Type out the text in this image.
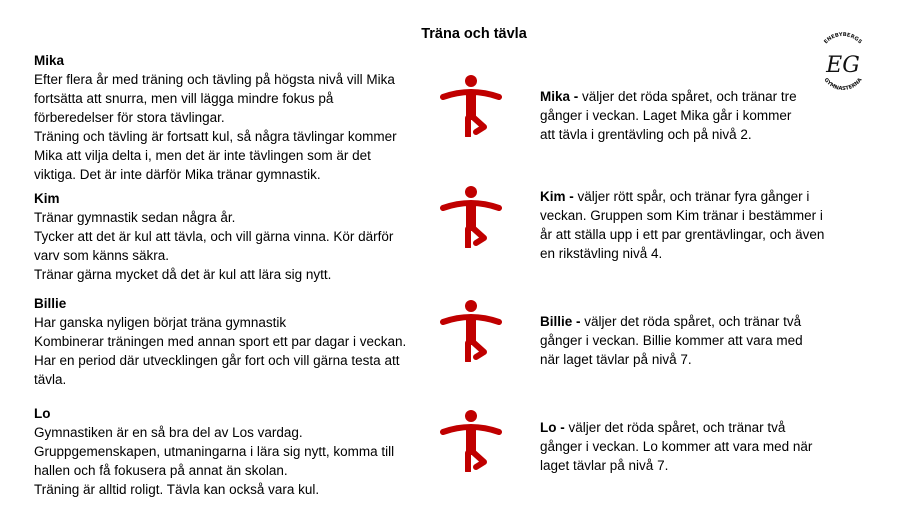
Träna och tävla	ENEBYBERGS
GYMNASTERNA
EG
Mika
Efter flera år med träning och tävling på högsta nivå vill Mika
fortsätta att snurra, men vill lägga mindre fokus på
förberedelser för stora tävlingar.
Träning och tävling är fortsatt kul, så några tävlingar kommer
Mika att vilja delta i, men det är inte tävlingen som är det
viktiga. Det är inte därför Mika tränar gymnastik.
Kim
Tränar gymnastik sedan några år.
Tycker att det är kul att tävla, och vill gärna vinna. Kör därför
varv som känns säkra.
Tränar gärna mycket då det är kul att lära sig nytt.
Billie
Har ganska nyligen börjat träna gymnastik
Kombinerar träningen med annan sport ett par dagar i veckan.
Har en period där utvecklingen går fort och vill gärna testa att
tävla.
Lo
Gymnastiken är en så bra del av Los vardag.
Gruppgemenskapen, utmaningarna i lära sig nytt, komma till
hallen och få fokusera på annat än skolan.
Träning är alltid roligt. Tävla kan också vara kul.
Mika - väljer det röda spåret, och tränar tre
gånger i veckan. Laget Mika går i kommer
att tävla i grentävling och på nivå 2.
Kim - väljer rött spår, och tränar fyra gånger i
veckan. Gruppen som Kim tränar i bestämmer i
år att ställa upp i ett par grentävlingar, och även
en rikstävling nivå 4.
Billie - väljer det röda spåret, och tränar två
gånger i veckan. Billie kommer att vara med
när laget tävlar på nivå 7.
Lo - väljer det röda spåret, och tränar två
gånger i veckan. Lo kommer att vara med när
laget tävlar på nivå 7.
